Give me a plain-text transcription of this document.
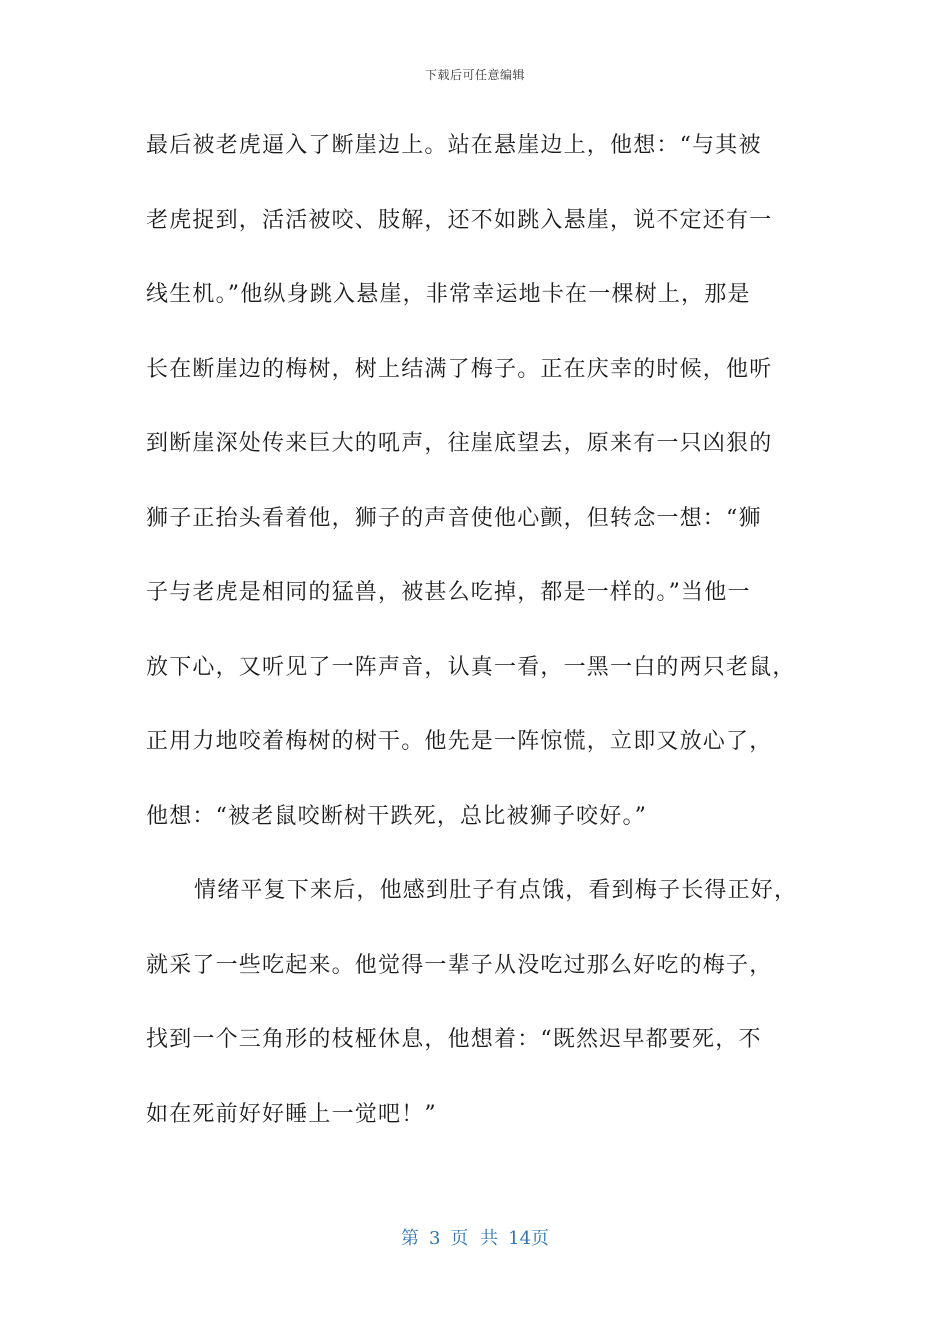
下载后可任意编辑
最后被老虎逼入了断崖边上。站在悬崖边上，他想：“与其被
老虎捉到，活活被咬、肢解，还不如跳入悬崖，说不定还有一
线生机。”他纵身跳入悬崖，非常幸运地卡在一棵树上，那是
长在断崖边的梅树，树上结满了梅子。正在庆幸的时候，他听
到断崖深处传来巨大的吼声，往崖底望去，原来有一只凶狠的
狮子正抬头看着他，狮子的声音使他心颤，但转念一想：“狮
子与老虎是相同的猛兽，被甚么吃掉，都是一样的。”当他一
放下心，又听见了一阵声音，认真一看，一黑一白的两只老鼠，
正用力地咬着梅树的树干。他先是一阵惊慌，立即又放心了，
他想：“被老鼠咬断树干跌死，总比被狮子咬好。”
情绪平复下来后，他感到肚子有点饿，看到梅子长得正好，
就采了一些吃起来。他觉得一辈子从没吃过那么好吃的梅子，
找到一个三角形的枝桠休息，他想着：“既然迟早都要死，不
如在死前好好睡上一觉吧！”
第 3 页 共 14页
